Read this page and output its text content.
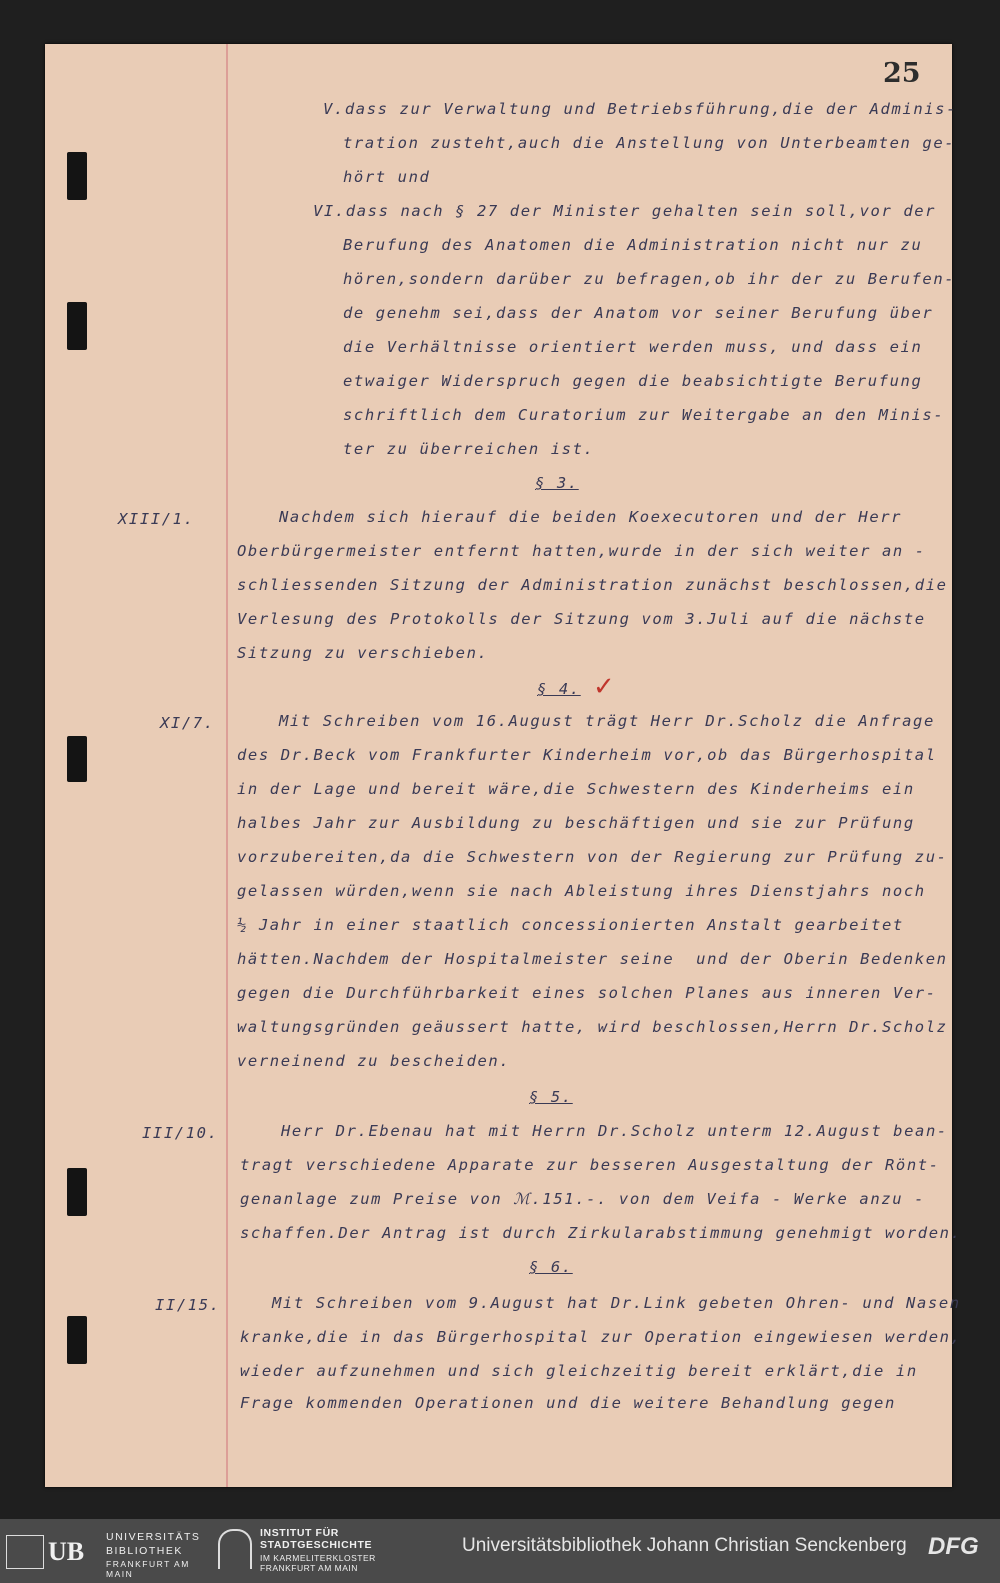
25
V.dass zur Verwaltung und Betriebsführung,die der Adminis-
tration zusteht,auch die Anstellung von Unterbeamten ge-
hört und
VI.dass nach § 27 der Minister gehalten sein soll,vor der
Berufung des Anatomen die Administration nicht nur zu
hören,sondern darüber zu befragen,ob ihr der zu Berufen-
de genehm sei,dass der Anatom vor seiner Berufung über
die Verhältnisse orientiert werden muss, und dass ein
etwaiger Widerspruch gegen die beabsichtigte Berufung
schriftlich dem Curatorium zur Weitergabe an den Minis-
ter zu überreichen ist.
§ 3.
XIII/1.	Nachdem sich hierauf die beiden Koexecutoren und der Herr
Oberbürgermeister entfernt hatten,wurde in der sich weiter an -
schliessenden Sitzung der Administration zunächst beschlossen,die
Verlesung des Protokolls der Sitzung vom 3.Juli auf die nächste
Sitzung zu verschieben.
§ 4. ✓
XI/7.	Mit Schreiben vom 16.August trägt Herr Dr.Scholz die Anfrage
des Dr.Beck vom Frankfurter Kinderheim vor,ob das Bürgerhospital
in der Lage und bereit wäre,die Schwestern des Kinderheims ein
halbes Jahr zur Ausbildung zu beschäftigen und sie zur Prüfung
vorzubereiten,da die Schwestern von der Regierung zur Prüfung zu-
gelassen würden,wenn sie nach Ableistung ihres Dienstjahrs noch
½ Jahr in einer staatlich concessionierten Anstalt gearbeitet
hätten.Nachdem der Hospitalmeister seine  und der Oberin Bedenken
gegen die Durchführbarkeit eines solchen Planes aus inneren Ver-
waltungsgründen geäussert hatte, wird beschlossen,Herrn Dr.Scholz
verneinend zu bescheiden.
§ 5.
III/10.	Herr Dr.Ebenau hat mit Herrn Dr.Scholz unterm 12.August bean-
tragt verschiedene Apparate zur besseren Ausgestaltung der Rönt-
genanlage zum Preise von ℳ.151.-. von dem Veifa - Werke anzu -
schaffen.Der Antrag ist durch Zirkularabstimmung genehmigt worden.
§ 6.
II/15.	Mit Schreiben vom 9.August hat Dr.Link gebeten Ohren- und Nasen
kranke,die in das Bürgerhospital zur Operation eingewiesen werden,
wieder aufzunehmen und sich gleichzeitig bereit erklärt,die in
Frage kommenden Operationen und die weitere Behandlung gegen
UB UNIVERSITÄTS
BIBLIOTHEK
FRANKFURT AM MAIN
INSTITUT FÜR
STADTGESCHICHTE
IM KARMELITERKLOSTER
FRANKFURT AM MAIN
Universitätsbibliothek Johann Christian Senckenberg DFG
